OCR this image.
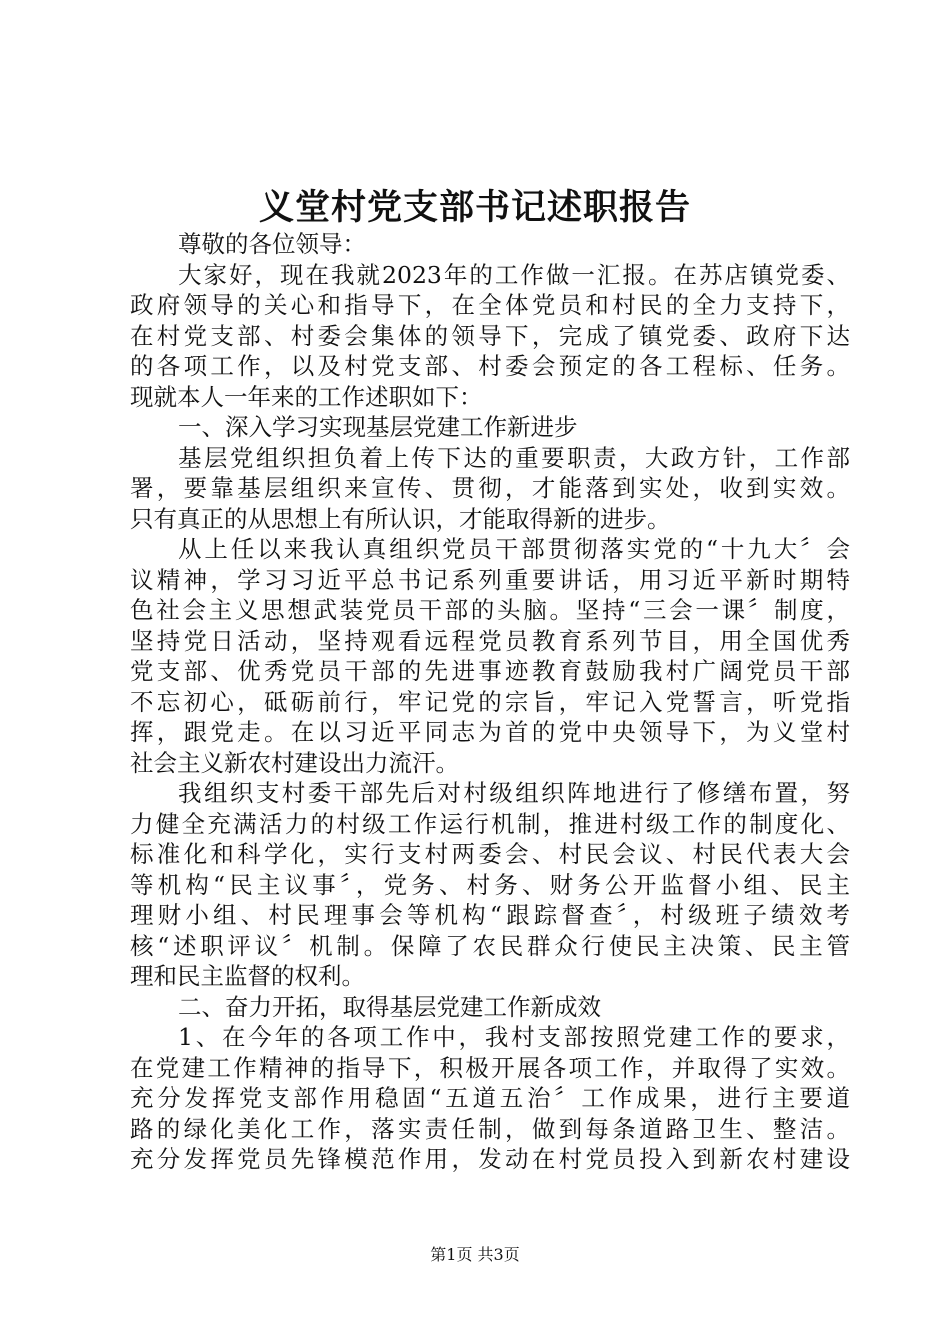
义堂村党支部书记述职报告
尊敬的各位领导：
大家好，现在我就2023年的工作做一汇报。在苏店镇党委、
政府领导的关心和指导下，在全体党员和村民的全力支持下，
在村党支部、村委会集体的领导下，完成了镇党委、政府下达
的各项工作，以及村党支部、村委会预定的各工程标、任务。
现就本人一年来的工作述职如下：
一、深入学习实现基层党建工作新进步
基层党组织担负着上传下达的重要职责，大政方针，工作部
署，要靠基层组织来宣传、贯彻，才能落到实处，收到实效。
只有真正的从思想上有所认识，才能取得新的进步。
从上任以来我认真组织党员干部贯彻落实党的“十九大〞会
议精神，学习习近平总书记系列重要讲话，用习近平新时期特
色社会主义思想武装党员干部的头脑。坚持“三会一课〞制度，
坚持党日活动，坚持观看远程党员教育系列节目，用全国优秀
党支部、优秀党员干部的先进事迹教育鼓励我村广阔党员干部
不忘初心，砥砺前行，牢记党的宗旨，牢记入党誓言，听党指
挥，跟党走。在以习近平同志为首的党中央领导下，为义堂村
社会主义新农村建设出力流汗。
我组织支村委干部先后对村级组织阵地进行了修缮布置，努
力健全充满活力的村级工作运行机制，推进村级工作的制度化、
标准化和科学化，实行支村两委会、村民会议、村民代表大会
等机构“民主议事〞，党务、村务、财务公开监督小组、民主
理财小组、村民理事会等机构“跟踪督查〞，村级班子绩效考
核“述职评议〞机制。保障了农民群众行使民主决策、民主管
理和民主监督的权利。
二、奋力开拓，取得基层党建工作新成效
1、在今年的各项工作中，我村支部按照党建工作的要求，
在党建工作精神的指导下，积极开展各项工作，并取得了实效。
充分发挥党支部作用稳固“五道五治〞工作成果，进行主要道
路的绿化美化工作，落实责任制，做到每条道路卫生、整洁。
充分发挥党员先锋模范作用，发动在村党员投入到新农村建设
第1页 共3页
